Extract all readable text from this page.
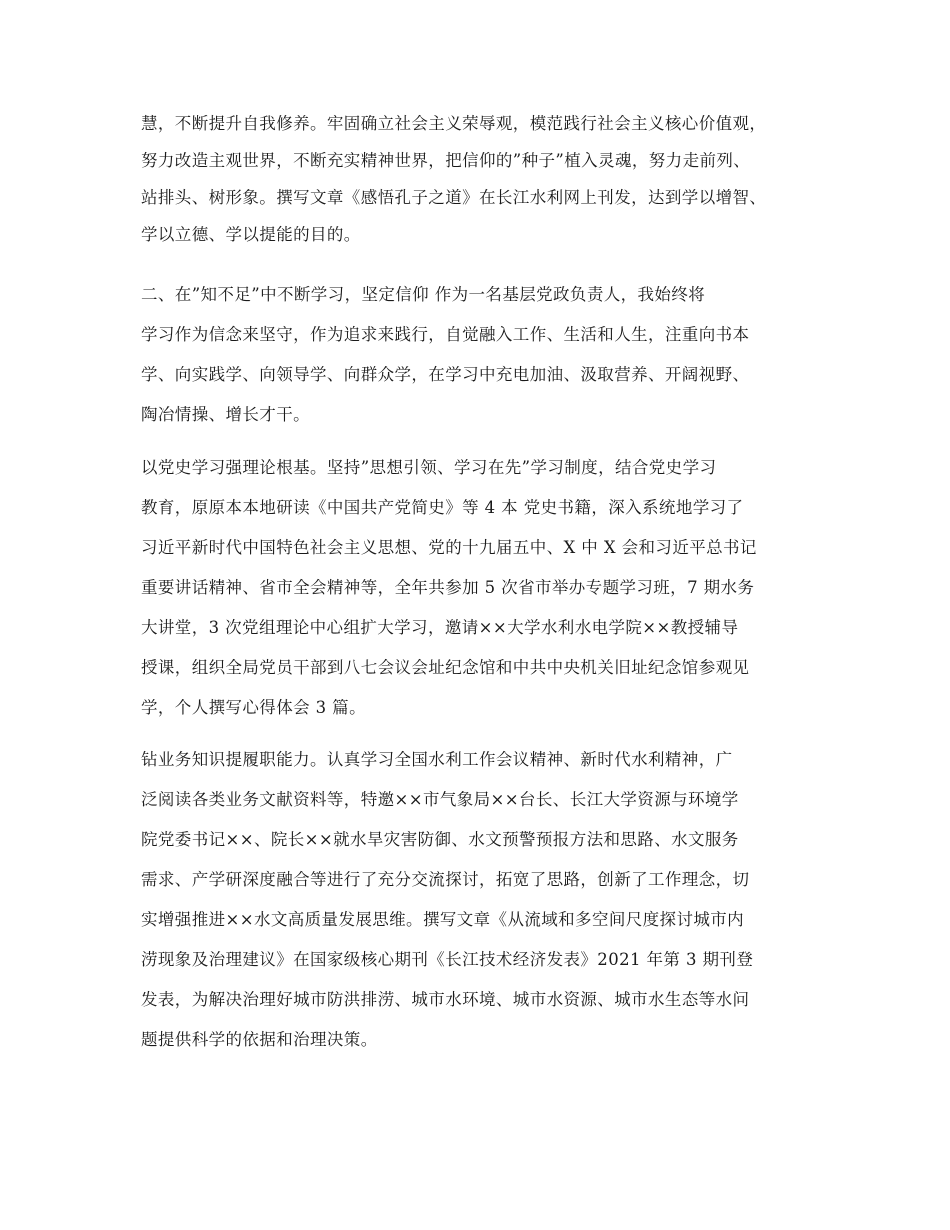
慧，不断提升自我修养。牢固确立社会主义荣辱观，模范践行社会主义核心价值观，
努力改造主观世界，不断充实精神世界，把信仰的”种子”植入灵魂，努力走前列、
站排头、树形象。撰写文章《感悟孔子之道》在长江水利网上刊发，达到学以增智、
学以立德、学以提能的目的。
二、在”知不足”中不断学习，坚定信仰 作为一名基层党政负责人，我始终将
学习作为信念来坚守，作为追求来践行，自觉融入工作、生活和人生，注重向书本
学、向实践学、向领导学、向群众学，在学习中充电加油、汲取营养、开阔视野、
陶冶情操、增长才干。
以党史学习强理论根基。坚持”思想引领、学习在先”学习制度，结合党史学习
教育，原原本本地研读《中国共产党简史》等 4 本 党史书籍，深入系统地学习了
习近平新时代中国特色社会主义思想、党的十九届五中、X 中 X 会和习近平总书记
重要讲话精神、省市全会精神等，全年共参加 5 次省市举办专题学习班，7 期水务
大讲堂，3 次党组理论中心组扩大学习，邀请××大学水利水电学院××教授辅导
授课，组织全局党员干部到八七会议会址纪念馆和中共中央机关旧址纪念馆参观见
学，个人撰写心得体会 3 篇。
钻业务知识提履职能力。认真学习全国水利工作会议精神、新时代水利精神，广
泛阅读各类业务文献资料等，特邀××市气象局××台长、长江大学资源与环境学
院党委书记××、院长××就水旱灾害防御、水文预警预报方法和思路、水文服务
需求、产学研深度融合等进行了充分交流探讨，拓宽了思路，创新了工作理念，切
实增强推进××水文高质量发展思维。撰写文章《从流域和多空间尺度探讨城市内
涝现象及治理建议》在国家级核心期刊《长江技术经济发表》2021 年第 3 期刊登
发表，为解决治理好城市防洪排涝、城市水环境、城市水资源、城市水生态等水问
题提供科学的依据和治理决策。
